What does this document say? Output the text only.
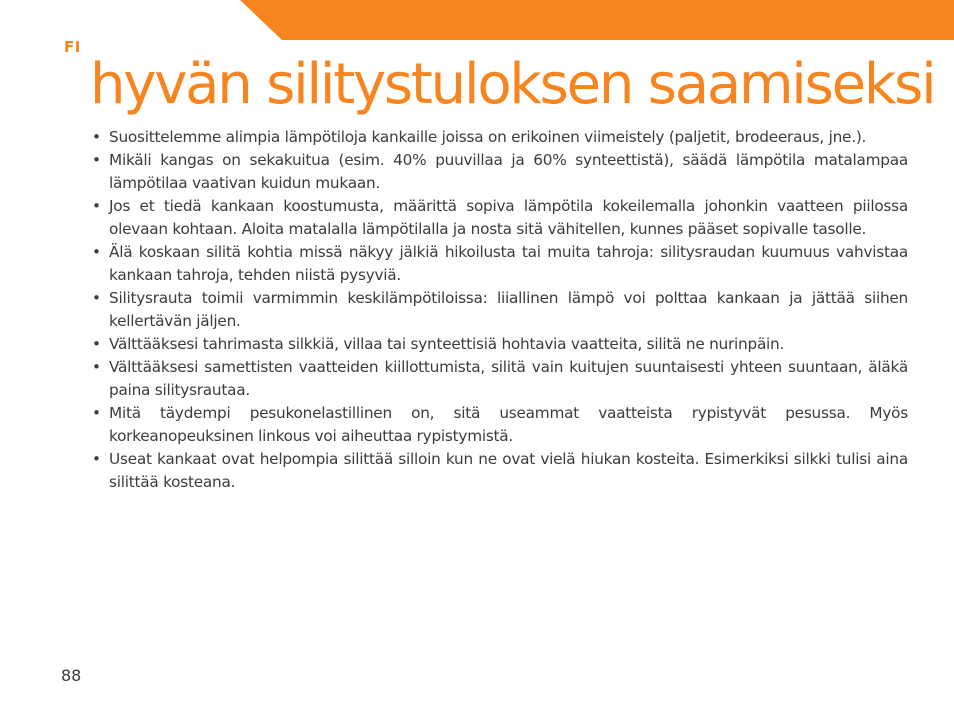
FI
hyvän silitystuloksen saamiseksi
• Suosittelemme alimpia lämpötiloja kankaille joissa on erikoinen viimeistely (paljetit, brodeeraus, jne.).
• Mikäli kangas on sekakuitua (esim. 40% puuvillaa ja 60% synteettistä), säädä lämpötila matalampaa lämpötilaa vaativan kuidun mukaan.
• Jos et tiedä kankaan koostumusta, määrittä sopiva lämpötila kokeilemalla johonkin vaatteen piilossa olevaan kohtaan. Aloita matalalla lämpötilalla ja nosta sitä vähitellen, kunnes pääset sopivalle tasolle.
• Älä koskaan silitä kohtia missä näkyy jälkiä hikoilusta tai muita tahroja: silitysraudan kuumuus vahvistaa kankaan tahroja, tehden niistä pysyviä.
• Silitysrauta toimii varmimmin keskilämpötiloissa: liiallinen lämpö voi polttaa kankaan ja jättää siihen kellertävän jäljen.
• Välttääksesi tahrimasta silkkiä, villaa tai synteettisiä hohtavia vaatteita, silitä ne nurinpäin.
• Välttääksesi samettisten vaatteiden kiillottumista, silitä vain kuitujen suuntaisesti yhteen suuntaan, äläkä paina silitysrautaa.
• Mitä täydempi pesukonelastillinen on, sitä useammat vaatteista rypistyvät pesussa. Myös korkeanopeuksinen linkous voi aiheuttaa rypistymistä.
• Useat kankaat ovat helpompia silittää silloin kun ne ovat vielä hiukan kosteita. Esimerkiksi silkki tulisi aina silittää kosteana.
88
